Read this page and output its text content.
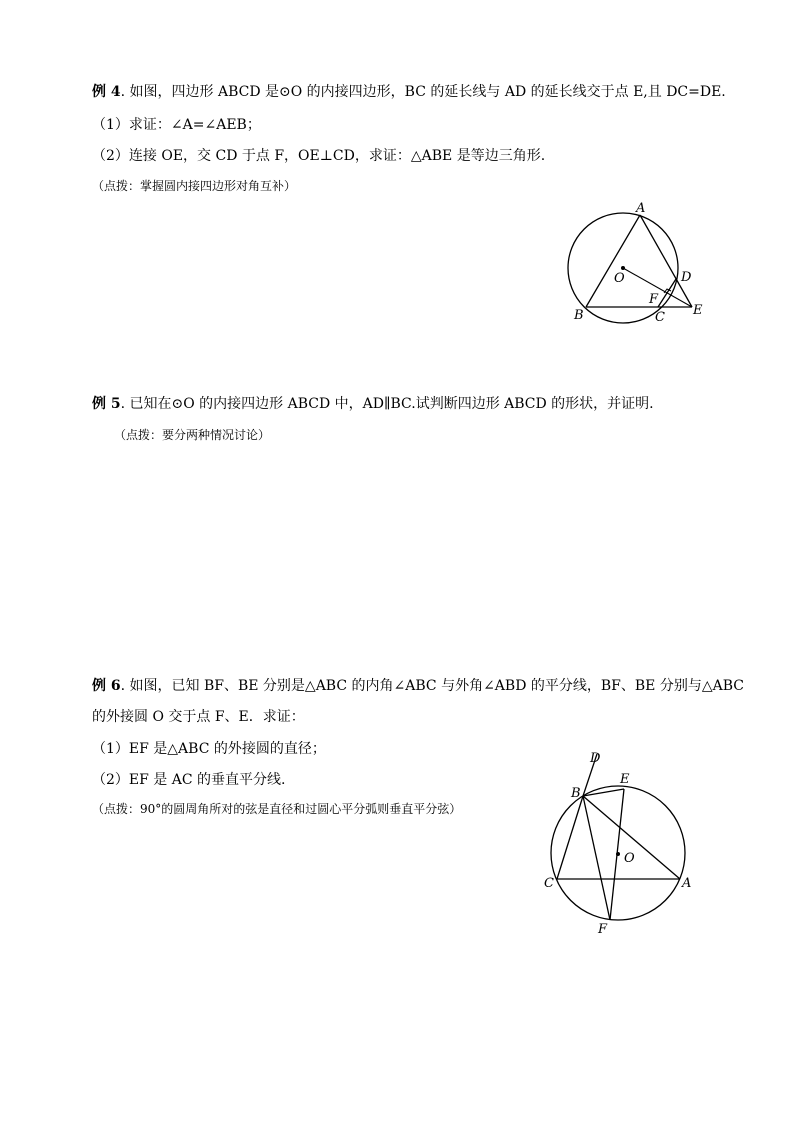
例 4. 如图，四边形 ABCD 是⊙O 的内接四边形，BC 的延长线与 AD 的延长线交于点 E,且 DC=DE.
（1）求证：∠A=∠AEB；
（2）连接 OE，交 CD 于点 F，OE⊥CD，求证：△ABE 是等边三角形.
（点拨：掌握圆内接四边形对角互补）
A
B	C
D
E
F
O
例 5. 已知在⊙O 的内接四边形 ABCD 中，AD∥BC.试判断四边形 ABCD 的形状，并证明.
（点拨：要分两种情况讨论）
例 6. 如图，已知 BF、BE 分别是△ABC 的内角∠ABC 与外角∠ABD 的平分线，BF、BE 分别与△ABC
的外接圆 O 交于点 F、E．求证：
（1）EF 是△ABC 的外接圆的直径；
（2）EF 是 AC 的垂直平分线.
（点拨：90°的圆周角所对的弦是直径和过圆心平分弧则垂直平分弦）
A
B
C
D
E
F
O
